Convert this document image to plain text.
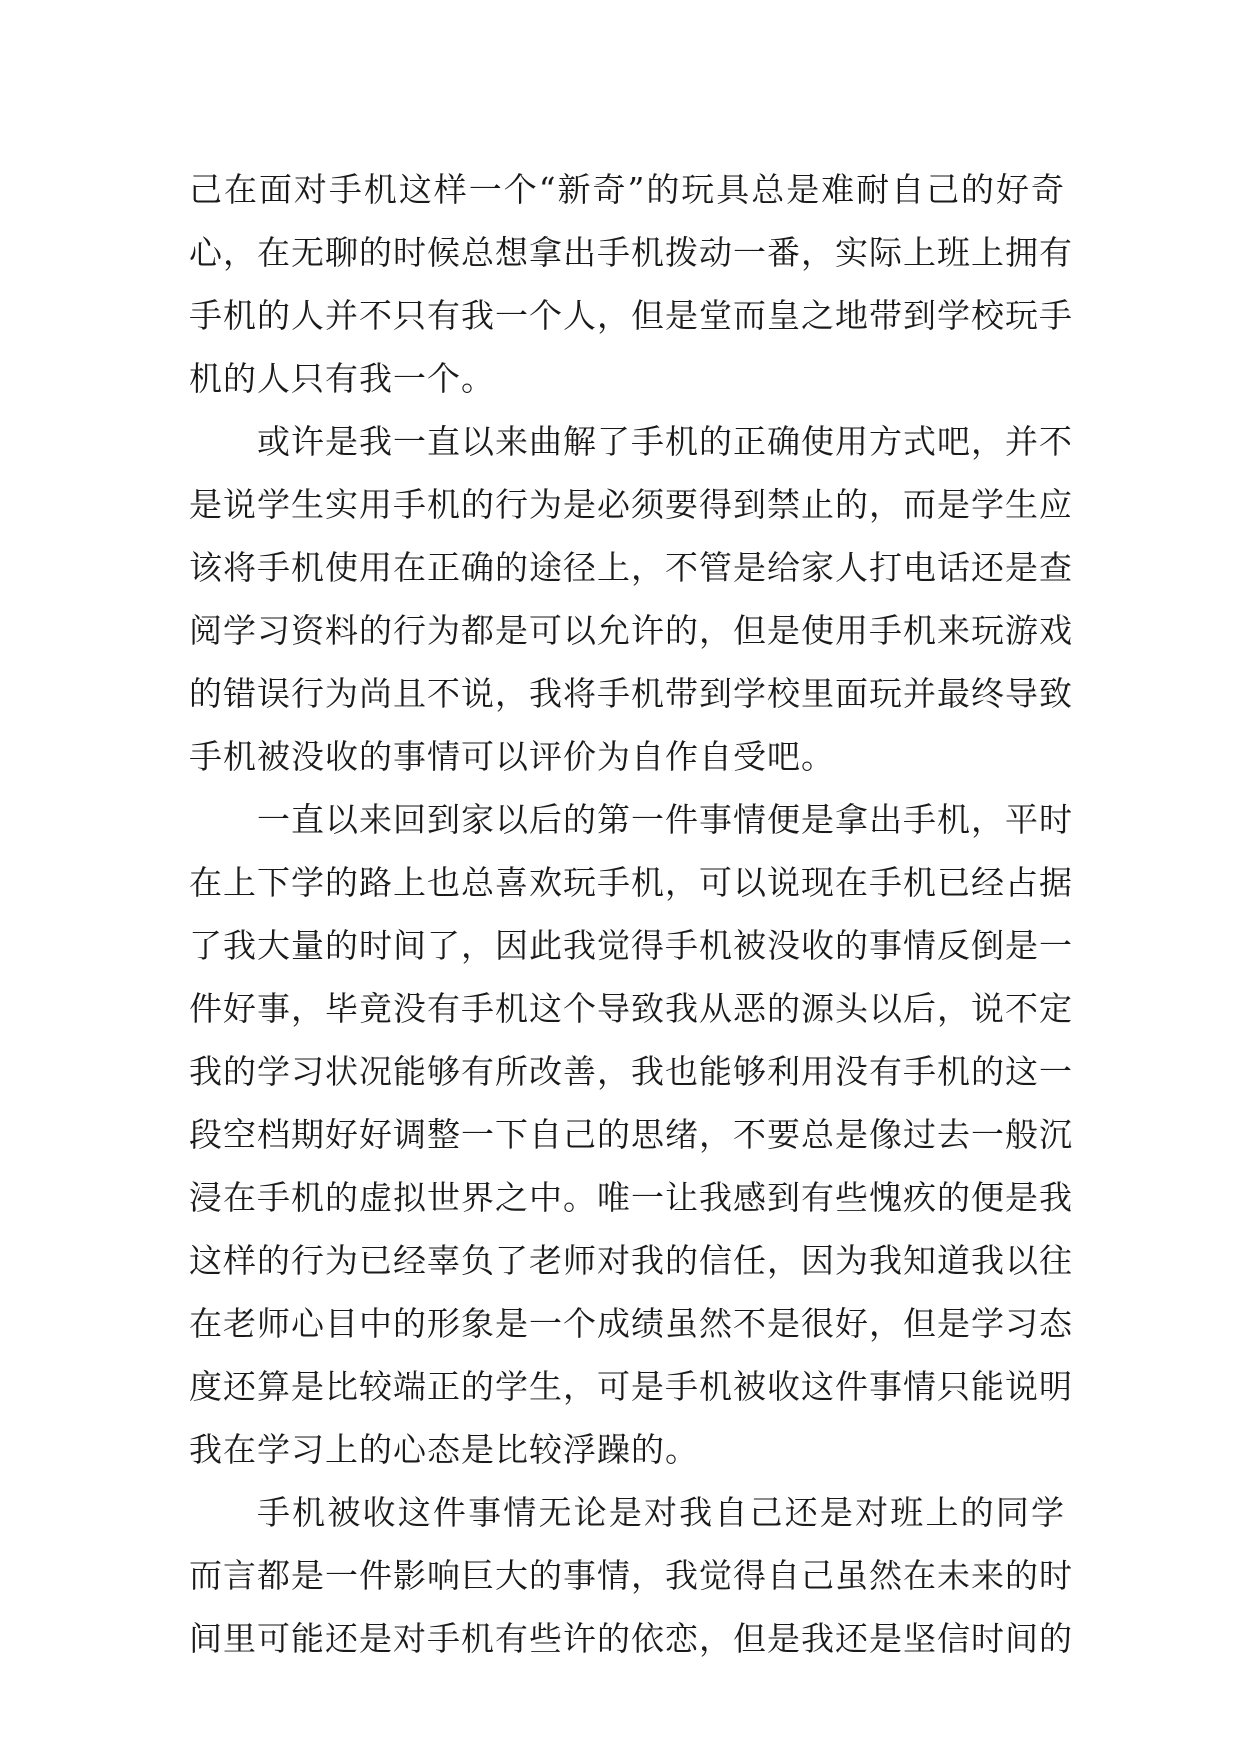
己在面对手机这样一个“新奇”的玩具总是难耐自己的好奇
心，在无聊的时候总想拿出手机拨动一番，实际上班上拥有
手机的人并不只有我一个人，但是堂而皇之地带到学校玩手
机的人只有我一个。
或许是我一直以来曲解了手机的正确使用方式吧，并不
是说学生实用手机的行为是必须要得到禁止的，而是学生应
该将手机使用在正确的途径上，不管是给家人打电话还是查
阅学习资料的行为都是可以允许的，但是使用手机来玩游戏
的错误行为尚且不说，我将手机带到学校里面玩并最终导致
手机被没收的事情可以评价为自作自受吧。
一直以来回到家以后的第一件事情便是拿出手机，平时
在上下学的路上也总喜欢玩手机，可以说现在手机已经占据
了我大量的时间了，因此我觉得手机被没收的事情反倒是一
件好事，毕竟没有手机这个导致我从恶的源头以后，说不定
我的学习状况能够有所改善，我也能够利用没有手机的这一
段空档期好好调整一下自己的思绪，不要总是像过去一般沉
浸在手机的虚拟世界之中。唯一让我感到有些愧疚的便是我
这样的行为已经辜负了老师对我的信任，因为我知道我以往
在老师心目中的形象是一个成绩虽然不是很好，但是学习态
度还算是比较端正的学生，可是手机被收这件事情只能说明
我在学习上的心态是比较浮躁的。
手机被收这件事情无论是对我自己还是对班上的同学
而言都是一件影响巨大的事情，我觉得自己虽然在未来的时
间里可能还是对手机有些许的依恋，但是我还是坚信时间的
